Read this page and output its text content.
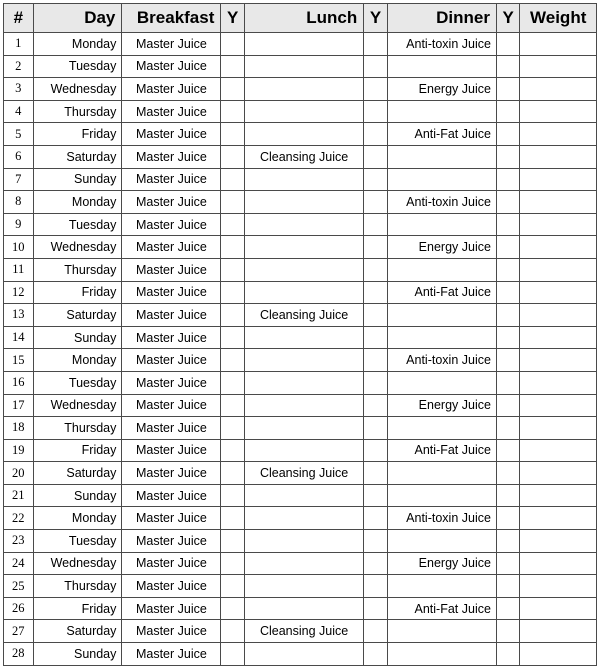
#	Day	Breakfast	Y	Lunch	Y	Dinner	Y	Weight
1	Monday	Master Juice				Anti-toxin Juice		
2	Tuesday	Master Juice						
3	Wednesday	Master Juice				Energy Juice		
4	Thursday	Master Juice						
5	Friday	Master Juice				Anti-Fat Juice		
6	Saturday	Master Juice		Cleansing Juice				
7	Sunday	Master Juice						
8	Monday	Master Juice				Anti-toxin Juice		
9	Tuesday	Master Juice						
10	Wednesday	Master Juice				Energy Juice		
11	Thursday	Master Juice						
12	Friday	Master Juice				Anti-Fat Juice		
13	Saturday	Master Juice		Cleansing Juice				
14	Sunday	Master Juice						
15	Monday	Master Juice				Anti-toxin Juice		
16	Tuesday	Master Juice						
17	Wednesday	Master Juice				Energy Juice		
18	Thursday	Master Juice						
19	Friday	Master Juice				Anti-Fat Juice		
20	Saturday	Master Juice		Cleansing Juice				
21	Sunday	Master Juice						
22	Monday	Master Juice				Anti-toxin Juice		
23	Tuesday	Master Juice						
24	Wednesday	Master Juice				Energy Juice		
25	Thursday	Master Juice						
26	Friday	Master Juice				Anti-Fat Juice		
27	Saturday	Master Juice		Cleansing Juice				
28	Sunday	Master Juice						
